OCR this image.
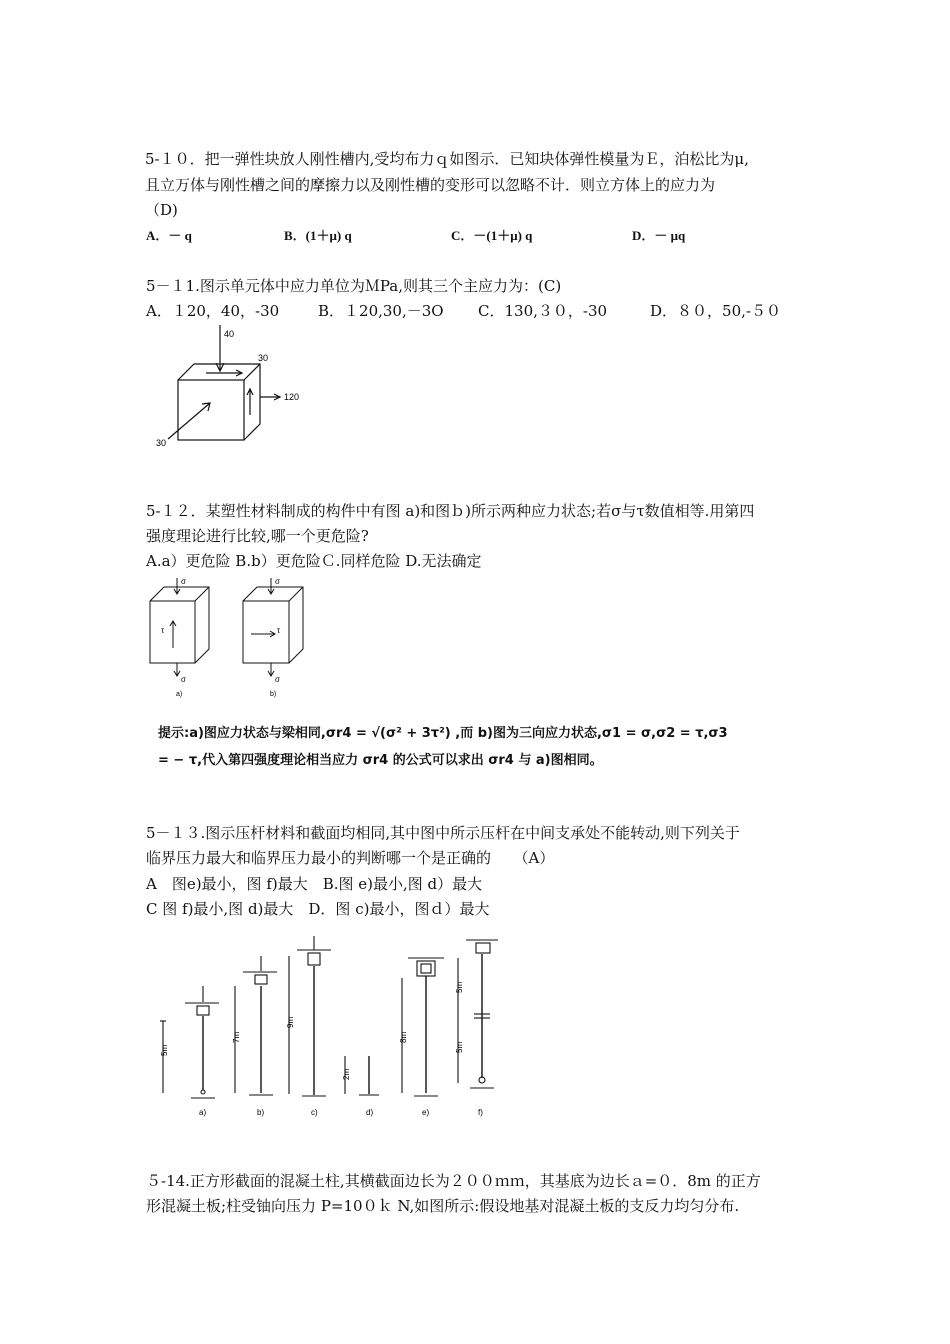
5-１０．把一弹性块放人刚性槽内,受均布力ｑ如图示．已知块体弹性模量为Ｅ，泊松比为μ,
且立万体与刚性槽之间的摩擦力以及刚性槽的变形可以忽略不计．则立方体上的应力为
（D)
A．－ q	B．(1＋μ) q	C．－(1＋μ) q	D．－ μq
5－１1.图示单元体中应力单位为ＭPa,则其三个主应力为：(C)
A．１20，40，-30	B．１20,30,－3O C．130,３０，-30	D．８０，50,-５０
40
30
120
30
5-１２．某塑性材料制成的构件中有图 a)和图ｂ)所示两种应力状态;若σ与τ数值相等.用第四
强度理论进行比较,哪一个更危险?
A.a）更危险 B.b）更危险Ｃ.同样危险 D.无法确定
σ
τ
σ
a)
σ
τ
σ
b)
提示:a)图应力状态与梁相同,σr4 = √(σ² + 3τ²) ,而 b)图为三向应力状态,σ1 = σ,σ2 = τ,σ3
= − τ,代入第四强度理论相当应力 σr4 的公式可以求出 σr4 与 a)图相同。
5－１３.图示压杆材料和截面均相同,其中图中所示压杆在中间支承处不能转动,则下列关于
临界压力最大和临界压力最小的判断哪一个是正确的　　（A）
A　图e)最小，图 f)最大　B.图 e)最小,图 d）最大
C 图 f)最小,图 d)最大　D．图 c)最小，图ｄ）最大
5m
7m
9m
2m
a)	b)	c)	d)
8m
5m
5m
e)	f)
５-14.正方形截面的混凝土柱,其横截面边长为２００ｍｍ，其基底为边长ａ=０．8m 的正方
形混凝土板;柱受铀向压力 P=10０ｋ N,如图所示:假设地基对混凝土板的支反力均匀分布.
